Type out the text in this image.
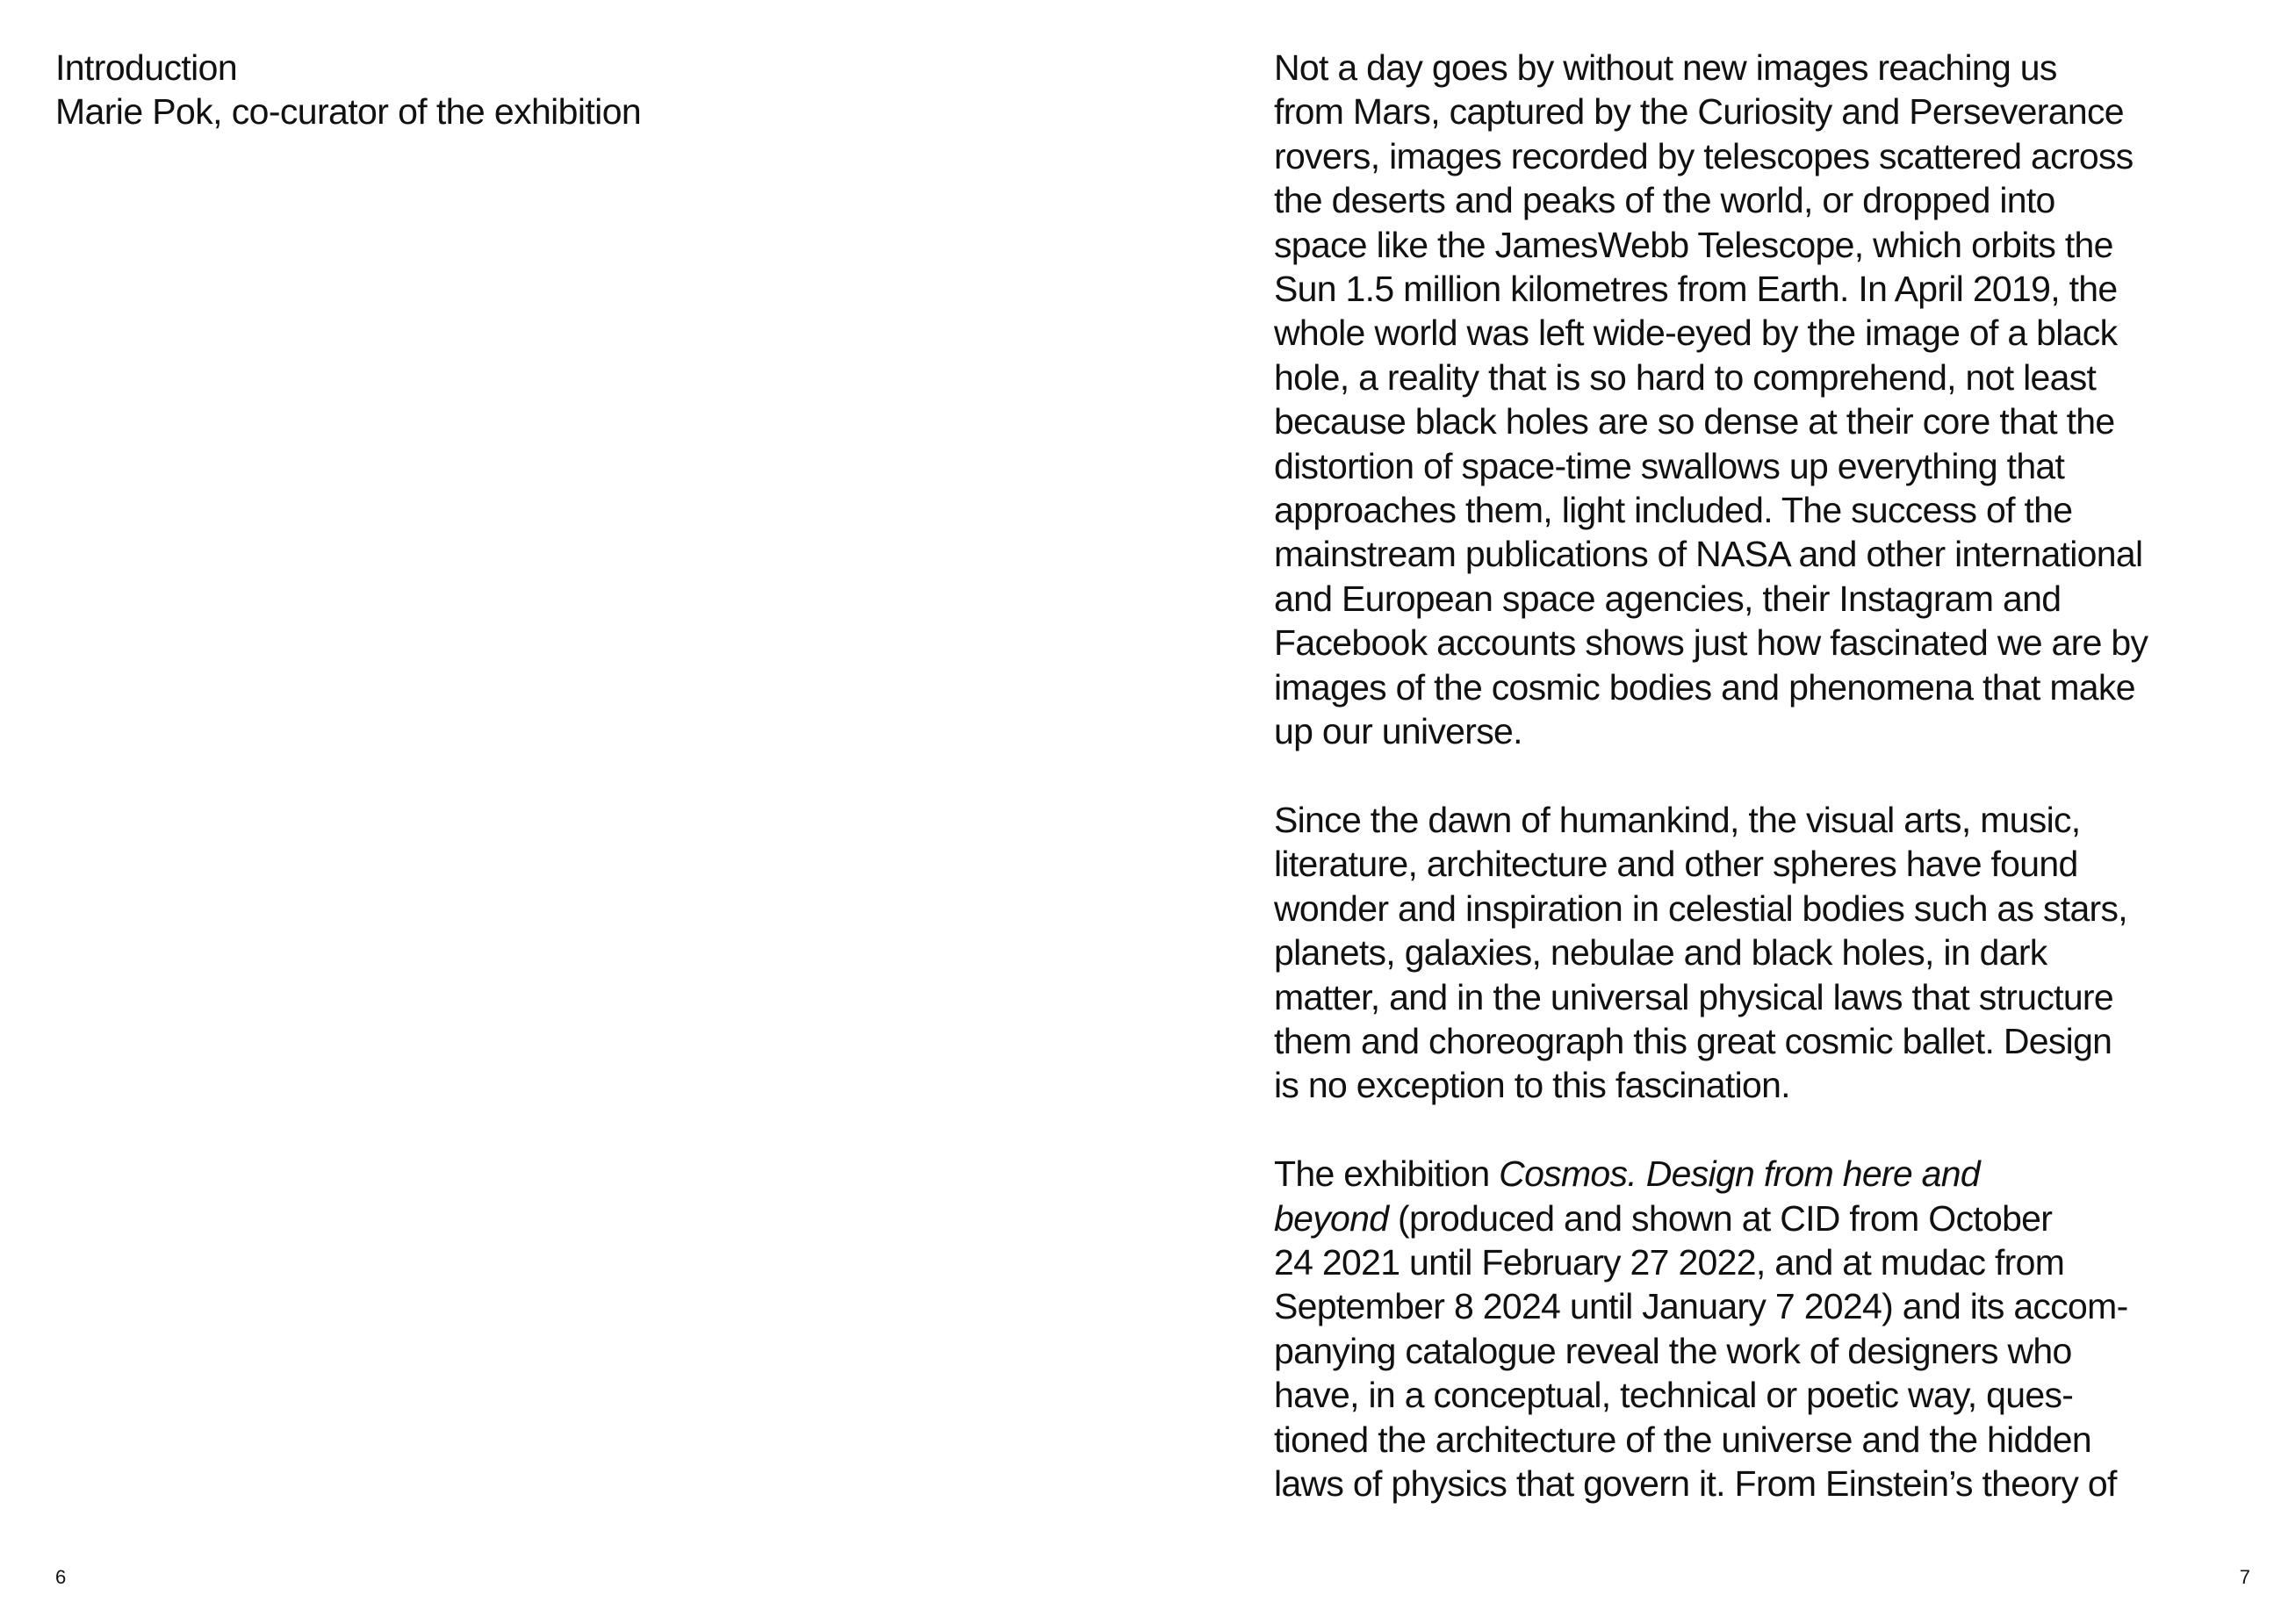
Introduction
Marie Pok, co-curator of the exhibition
6

Not a day goes by without new images reaching us
from Mars, captured by the Curiosity and Perseverance
rovers, images recorded by telescopes scattered across
the deserts and peaks of the world, or dropped into
space like the JamesWebb Telescope, which orbits the
Sun 1.5 million kilometres from Earth. In April 2019, the
whole world was left wide-eyed by the image of a black
hole, a reality that is so hard to comprehend, not least
because black holes are so dense at their core that the
distortion of space-time swallows up everything that
approaches them, light included. The success of the
mainstream publications of NASA and other international
and European space agencies, their Instagram and
Facebook accounts shows just how fascinated we are by
images of the cosmic bodies and phenomena that make
up our universe.

Since the dawn of humankind, the visual arts, music,
literature, architecture and other spheres have found
wonder and inspiration in celestial bodies such as stars,
planets, galaxies, nebulae and black holes, in dark
matter, and in the universal physical laws that structure
them and choreograph this great cosmic ballet. Design
is no exception to this fascination.

The exhibition Cosmos. Design from here and
beyond (produced and shown at CID from October
24 2021 until February 27 2022, and at mudac from
September 8 2024 until January 7 2024) and its accom-
panying catalogue reveal the work of designers who
have, in a conceptual, technical or poetic way, ques-
tioned the architecture of the universe and the hidden
laws of physics that govern it. From Einstein’s theory of

7
